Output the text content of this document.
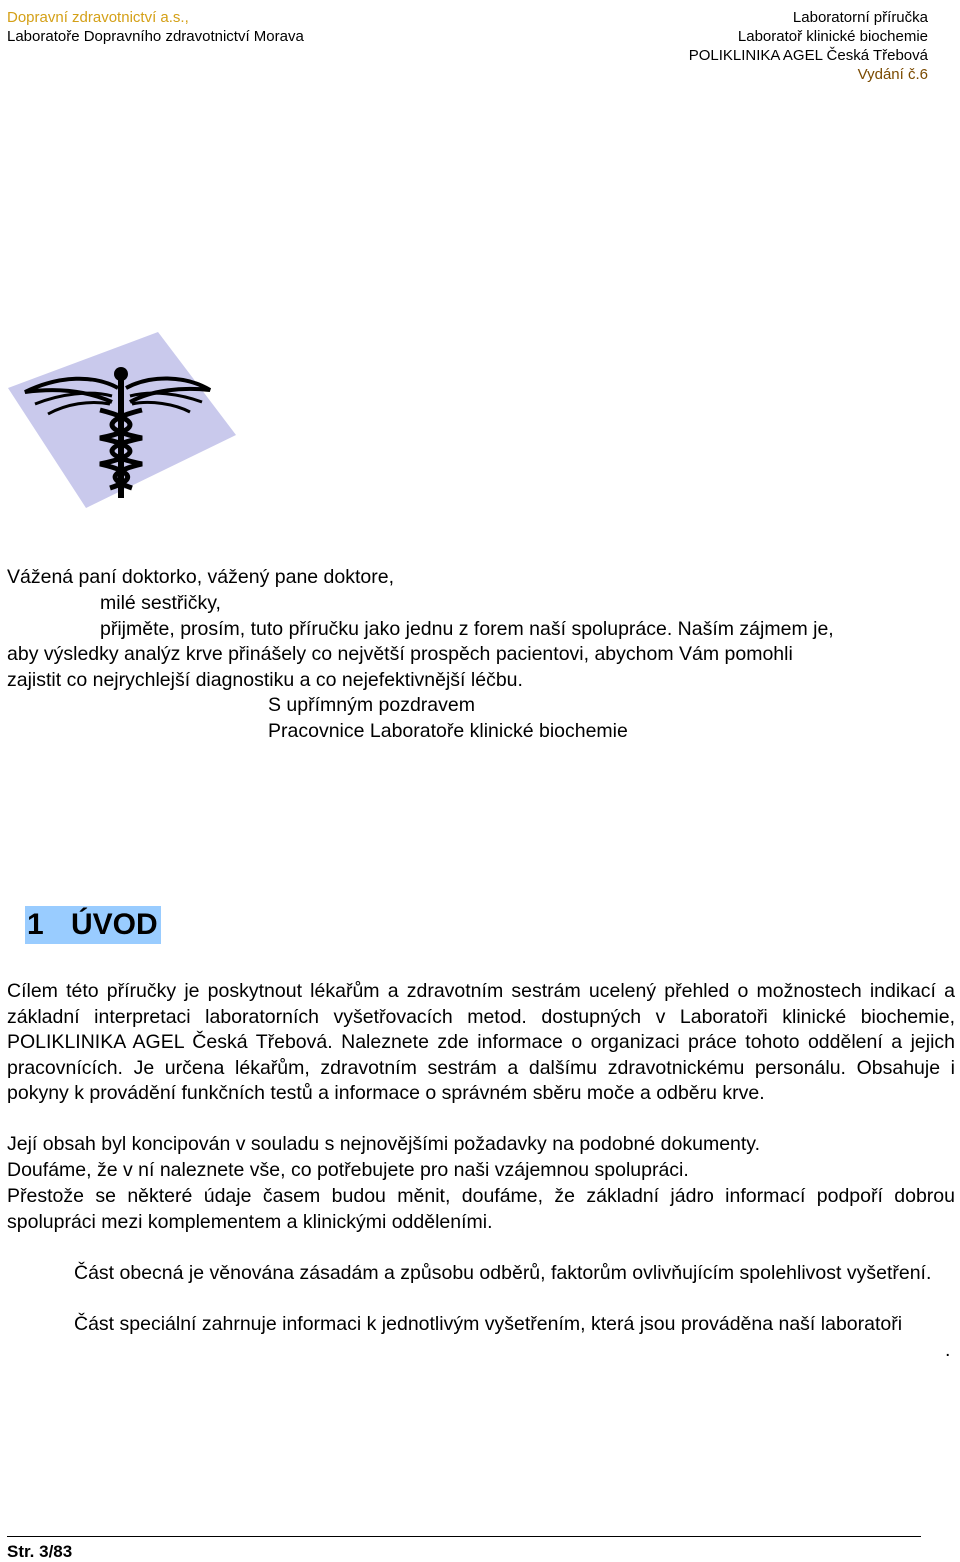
Dopravní zdravotnictví a.s.,
Laboratoře Dopravního zdravotnictví Morava
Laboratorní příručka
Laboratoř klinické biochemie
POLIKLINIKA AGEL Česká Třebová
Vydání č.6
Vážená paní doktorko, vážený pane doktore,
milé sestřičky,
přijměte, prosím, tuto příručku jako jednu z forem naší spolupráce. Naším zájmem je,
aby výsledky analýz krve přinášely co největší prospěch pacientovi, abychom Vám pomohli
zajistit co nejrychlejší diagnostiku a co nejefektivnější léčbu.
S upřímným pozdravem
Pracovnice Laboratoře klinické biochemie
1 ÚVOD
Cílem této příručky je poskytnout lékařům a zdravotním sestrám ucelený přehled o možnostech indikací a základní interpretaci laboratorních vyšetřovacích metod. dostupných v Laboratoři klinické biochemie, POLIKLINIKA AGEL Česká Třebová. Naleznete zde informace o organizaci práce tohoto oddělení a jejich pracovnících. Je určena lékařům, zdravotním sestrám a dalšímu zdravotnickému personálu. Obsahuje i pokyny k provádění funkčních testů a informace o správném sběru moče a odběru krve.
Její obsah byl koncipován v souladu s nejnovějšími požadavky na podobné dokumenty.
Doufáme, že v ní naleznete vše, co potřebujete pro naši vzájemnou spolupráci.
Přestože se některé údaje časem budou měnit, doufáme, že základní jádro informací podpoří dobrou spolupráci mezi komplementem a klinickými odděleními.
Část obecná je věnována zásadám a způsobu odběrů, faktorům ovlivňujícím spolehlivost vyšetření.
Část speciální zahrnuje informaci k jednotlivým vyšetřením, která jsou prováděna naší laboratoři
.
Str. 3/83
